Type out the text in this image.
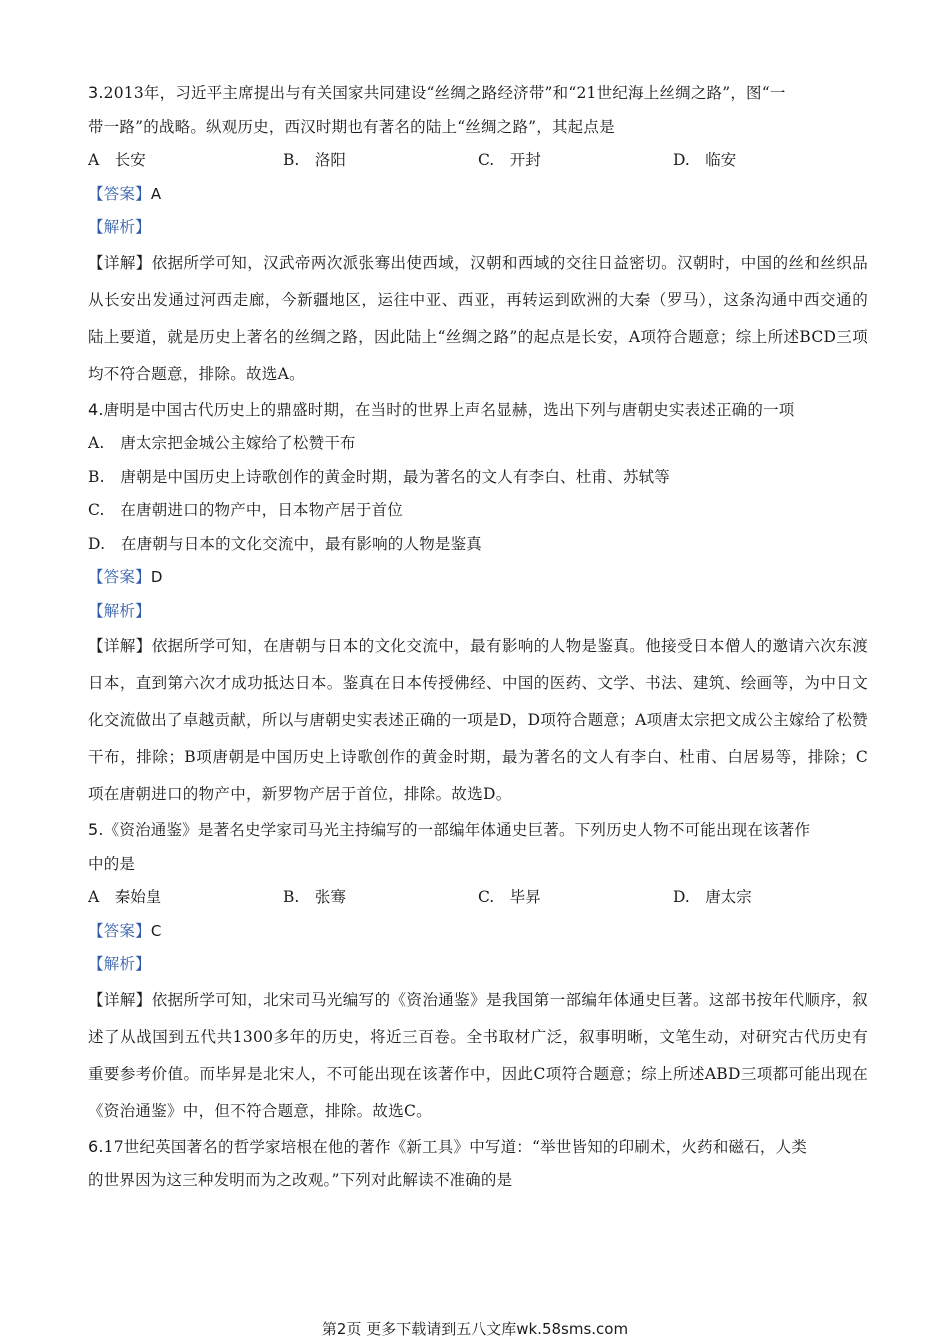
3.2013年，习近平主席提出与有关国家共同建设“丝绸之路经济带”和“21世纪海上丝绸之路”，图“一
带一路”的战略。纵观历史，西汉时期也有著名的陆上“丝绸之路”，其起点是
A　长安	B.　洛阳	C.　开封	D.　临安
【答案】A
【解析】
【详解】依据所学可知，汉武帝两次派张骞出使西域，汉朝和西域的交往日益密切。汉朝时，中国的丝和丝织品从长安出发通过河西走廊，今新疆地区，运往中亚、西亚，再转运到欧洲的大秦（罗马），这条沟通中西交通的陆上要道，就是历史上著名的丝绸之路，因此陆上“丝绸之路”的起点是长安，A项符合题意；综上所述BCD三项均不符合题意，排除。故选A。
4.唐明是中国古代历史上的鼎盛时期，在当时的世界上声名显赫，选出下列与唐朝史实表述正确的一项
A.　唐太宗把金城公主嫁给了松赞干布
B.　唐朝是中国历史上诗歌创作的黄金时期，最为著名的文人有李白、杜甫、苏轼等
C.　在唐朝进口的物产中，日本物产居于首位
D.　在唐朝与日本的文化交流中，最有影响的人物是鉴真
【答案】D
【解析】
【详解】依据所学可知，在唐朝与日本的文化交流中，最有影响的人物是鉴真。他接受日本僧人的邀请六次东渡日本，直到第六次才成功抵达日本。鉴真在日本传授佛经、中国的医药、文学、书法、建筑、绘画等，为中日文化交流做出了卓越贡献，所以与唐朝史实表述正确的一项是D，D项符合题意；A项唐太宗把文成公主嫁给了松赞干布，排除；B项唐朝是中国历史上诗歌创作的黄金时期，最为著名的文人有李白、杜甫、白居易等，排除；C项在唐朝进口的物产中，新罗物产居于首位，排除。故选D。
5.《资治通鉴》是著名史学家司马光主持编写的一部编年体通史巨著。下列历史人物不可能出现在该著作
中的是
A　秦始皇	B.　张骞	C.　毕昇	D.　唐太宗
【答案】C
【解析】
【详解】依据所学可知，北宋司马光编写的《资治通鉴》是我国第一部编年体通史巨著。这部书按年代顺序，叙述了从战国到五代共1300多年的历史，将近三百卷。全书取材广泛，叙事明晰，文笔生动，对研究古代历史有重要参考价值。而毕昇是北宋人，不可能出现在该著作中，因此C项符合题意；综上所述ABD三项都可能出现在《资治通鉴》中，但不符合题意，排除。故选C。
6.17世纪英国著名的哲学家培根在他的著作《新工具》中写道：“举世皆知的印刷术，火药和磁石，人类
的世界因为这三种发明而为之改观。”下列对此解读不准确的是
第2页 更多下载请到五八文库wk.58sms.com
